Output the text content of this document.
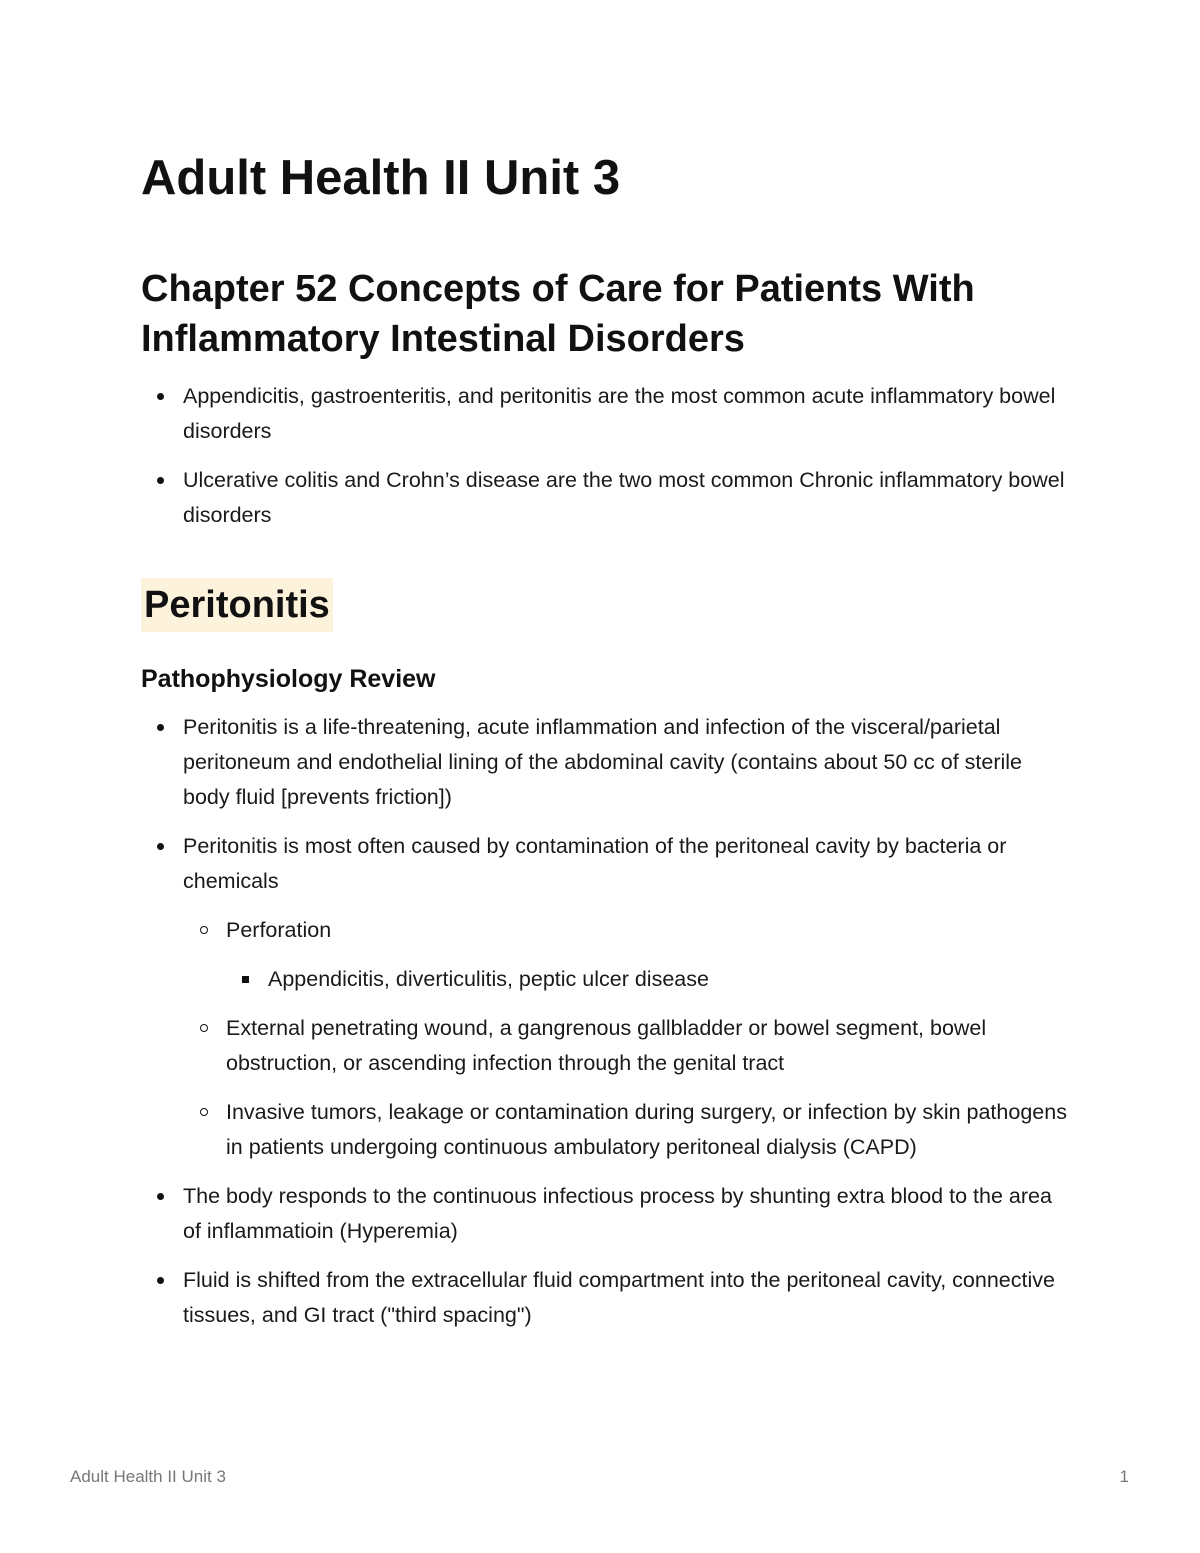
Adult Health II Unit 3
Chapter 52 Concepts of Care for Patients With Inflammatory Intestinal Disorders
Appendicitis, gastroenteritis, and peritonitis are the most common acute inflammatory bowel disorders
Ulcerative colitis and Crohn’s disease are the two most common Chronic inflammatory bowel disorders
Peritonitis
Pathophysiology Review
Peritonitis is a life-threatening, acute inflammation and infection of the visceral/parietal peritoneum and endothelial lining of the abdominal cavity (contains about 50 cc of sterile body fluid [prevents friction])
Peritonitis is most often caused by contamination of the peritoneal cavity by bacteria or chemicals
Perforation
Appendicitis, diverticulitis, peptic ulcer disease
External penetrating wound, a gangrenous gallbladder or bowel segment, bowel obstruction, or ascending infection through the genital tract
Invasive tumors, leakage or contamination during surgery, or infection by skin pathogens in patients undergoing continuous ambulatory peritoneal dialysis (CAPD)
The body responds to the continuous infectious process by shunting extra blood to the area of inflammatioin (Hyperemia)
Fluid is shifted from the extracellular fluid compartment into the peritoneal cavity, connective tissues, and GI tract ("third spacing")
Adult Health II Unit 3	1
